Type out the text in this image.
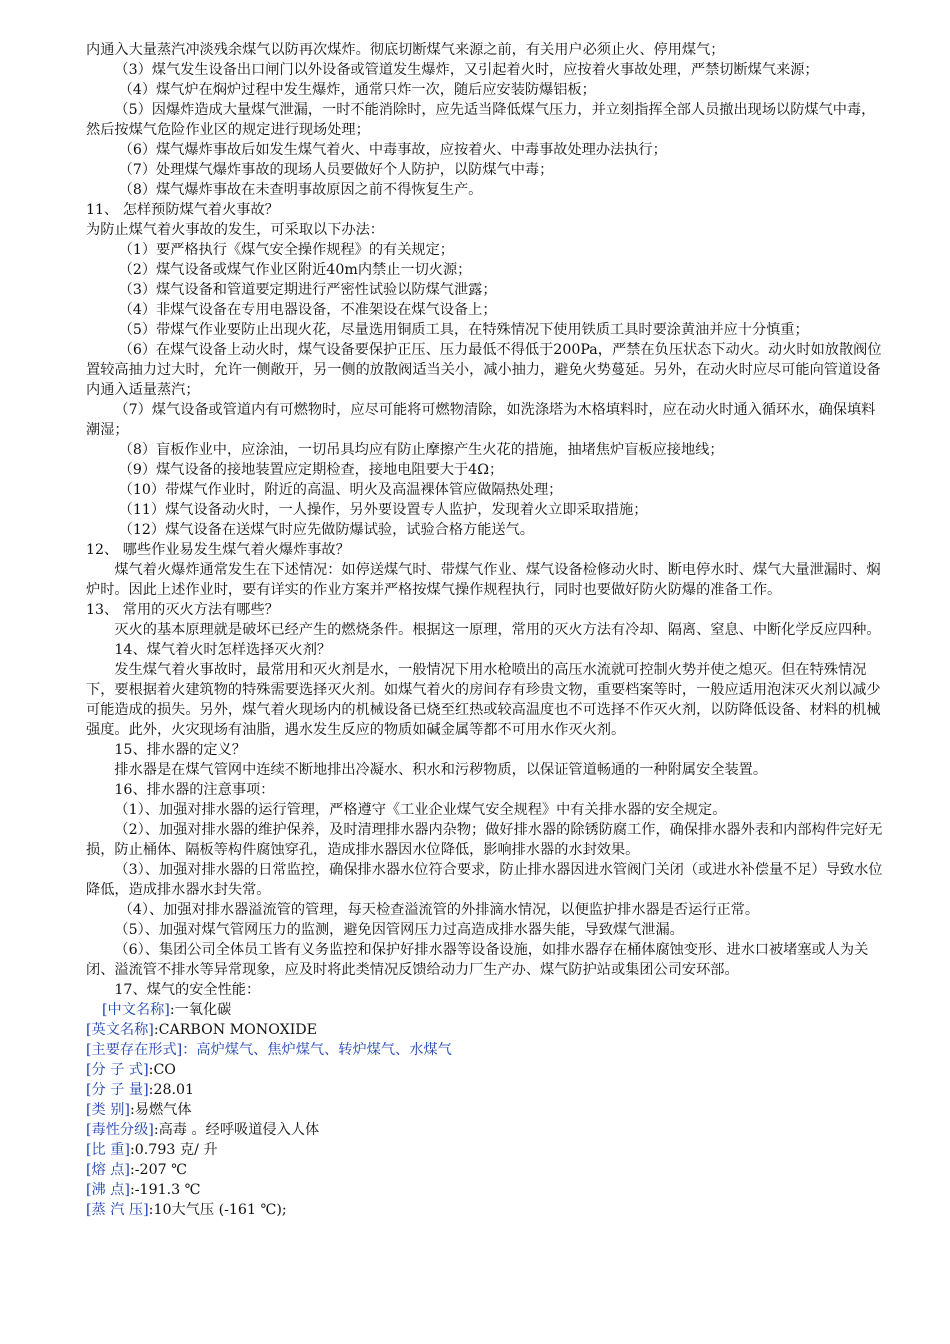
内通入大量蒸汽冲淡残余煤气以防再次煤炸。彻底切断煤气来源之前，有关用户必须止火、停用煤气；

（3）煤气发生设备出口闸门以外设备或管道发生爆炸，又引起着火时，应按着火事故处理，严禁切断煤气来源；

（4）煤气炉在焖炉过程中发生爆炸，通常只炸一次，随后应安装防爆铝板；

（5）因爆炸造成大量煤气泄漏，一时不能消除时，应先适当降低煤气压力，并立刻指挥全部人员撤出现场以防煤气中毒，然后按煤气危险作业区的规定进行现场处理；

（6）煤气爆炸事故后如发生煤气着火、中毒事故，应按着火、中毒事故处理办法执行；

（7）处理煤气爆炸事故的现场人员要做好个人防护，以防煤气中毒；

（8）煤气爆炸事故在未查明事故原因之前不得恢复生产。

11、 怎样预防煤气着火事故？

为防止煤气着火事故的发生，可采取以下办法：

（1）要严格执行《煤气安全操作规程》的有关规定；

（2）煤气设备或煤气作业区附近40m内禁止一切火源；

（3）煤气设备和管道要定期进行严密性试验以防煤气泄露；

（4）非煤气设备在专用电器设备，不准架设在煤气设备上；

（5）带煤气作业要防止出现火花，尽量选用铜质工具，在特殊情况下使用铁质工具时要涂黄油并应十分慎重；

（6）在煤气设备上动火时，煤气设备要保护正压、压力最低不得低于200Pa，严禁在负压状态下动火。动火时如放散阀位置较高抽力过大时，允许一侧敞开，另一侧的放散阀适当关小，减小抽力，避免火势蔓延。另外，在动火时应尽可能向管道设备内通入适量蒸汽；

（7）煤气设备或管道内有可燃物时，应尽可能将可燃物清除，如洗涤塔为木格填料时，应在动火时通入循环水，确保填料潮湿；

（8）盲板作业中，应涂油，一切吊具均应有防止摩擦产生火花的措施，抽堵焦炉盲板应接地线；

（9）煤气设备的接地装置应定期检查，接地电阻要大于4Ω；

（10）带煤气作业时，附近的高温、明火及高温裸体管应做隔热处理；

（11）煤气设备动火时，一人操作，另外要设置专人监护，发现着火立即采取措施；

（12）煤气设备在送煤气时应先做防爆试验，试验合格方能送气。

12、 哪些作业易发生煤气着火爆炸事故？

煤气着火爆炸通常发生在下述情况：如停送煤气时、带煤气作业、煤气设备检修动火时、断电停水时、煤气大量泄漏时、焖炉时。因此上述作业时，要有详实的作业方案并严格按煤气操作规程执行，同时也要做好防火防爆的准备工作。

13、 常用的灭火方法有哪些？

灭火的基本原理就是破坏已经产生的燃烧条件。根据这一原理，常用的灭火方法有冷却、隔离、窒息、中断化学反应四种。

14、煤气着火时怎样选择灭火剂？

发生煤气着火事故时，最常用和灭火剂是水，一般情况下用水枪喷出的高压水流就可控制火势并使之熄灭。但在特殊情况下，要根据着火建筑物的特殊需要选择灭火剂。如煤气着火的房间存有珍贵文物，重要档案等时，一般应适用泡沫灭火剂以减少可能造成的损失。另外，煤气着火现场内的机械设备已烧至红热或较高温度也不可选择不作灭火剂，以防降低设备、材料的机械强度。此外，火灾现场有油脂，遇水发生反应的物质如碱金属等都不可用水作灭火剂。

15、排水器的定义？

排水器是在煤气管网中连续不断地排出冷凝水、积水和污秽物质，以保证管道畅通的一种附属安全装置。

16、排水器的注意事项：

（1）、加强对排水器的运行管理，严格遵守《工业企业煤气安全规程》中有关排水器的安全规定。

（2）、加强对排水器的维护保养，及时清理排水器内杂物；做好排水器的除锈防腐工作，确保排水器外表和内部构件完好无损，防止桶体、隔板等构件腐蚀穿孔，造成排水器因水位降低，影响排水器的水封效果。

（3）、加强对排水器的日常监控，确保排水器水位符合要求，防止排水器因进水管阀门关闭（或进水补偿量不足）导致水位降低，造成排水器水封失常。

（4）、加强对排水器溢流管的管理，每天检查溢流管的外排滴水情况，以便监护排水器是否运行正常。

（5）、加强对煤气管网压力的监测，避免因管网压力过高造成排水器失能，导致煤气泄漏。

（6）、集团公司全体员工皆有义务监控和保护好排水器等设备设施，如排水器存在桶体腐蚀变形、进水口被堵塞或人为关闭、溢流管不排水等异常现象，应及时将此类情况反馈给动力厂生产办、煤气防护站或集团公司安环部。

17、煤气的安全性能：

[中文名称]:一氧化碳
[英文名称]:CARBON MONOXIDE
[主要存在形式]：高炉煤气、焦炉煤气、转炉煤气、水煤气
[分 子 式]:CO
[分 子 量]:28.01
[类 别]:易燃气体
[毒性分级]:高毒 。经呼吸道侵入人体
[比 重]:0.793 克/ 升
[熔 点]:-207 ℃
[沸 点]:-191.3 ℃
[蒸 汽 压]:10大气压 (-161 ℃);
